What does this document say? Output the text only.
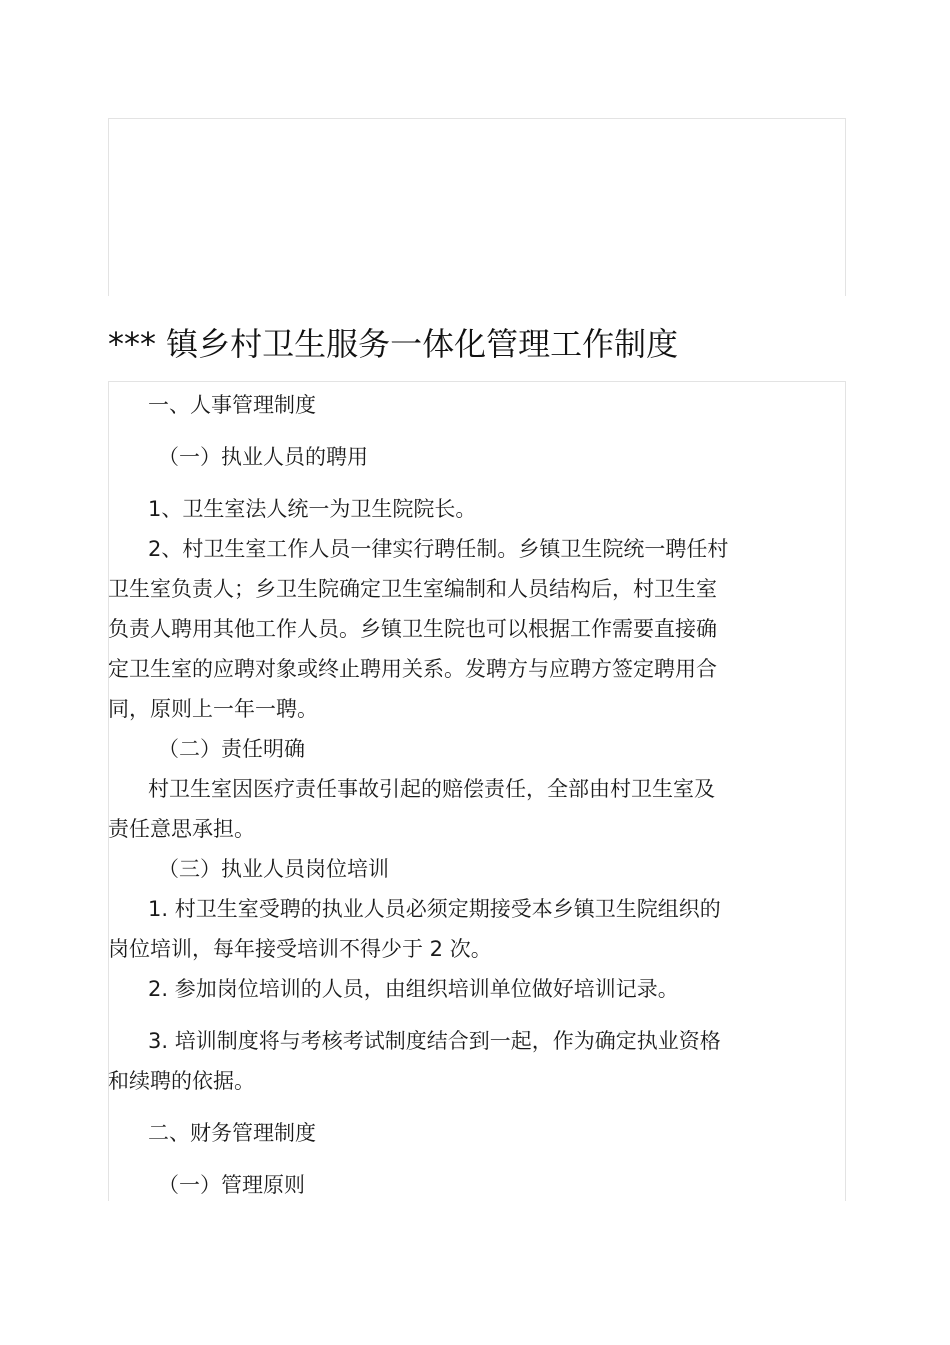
*** 镇乡村卫生服务一体化管理工作制度
一、人事管理制度
（一）执业人员的聘用
1、卫生室法人统一为卫生院院长。
2、村卫生室工作人员一律实行聘任制。乡镇卫生院统一聘任村
卫生室负责人；乡卫生院确定卫生室编制和人员结构后，村卫生室
负责人聘用其他工作人员。乡镇卫生院也可以根据工作需要直接确
定卫生室的应聘对象或终止聘用关系。发聘方与应聘方签定聘用合
同，原则上一年一聘。
（二）责任明确
村卫生室因医疗责任事故引起的赔偿责任，全部由村卫生室及
责任意思承担。
（三）执业人员岗位培训
1. 村卫生室受聘的执业人员必须定期接受本乡镇卫生院组织的
岗位培训，每年接受培训不得少于 2 次。
2. 参加岗位培训的人员，由组织培训单位做好培训记录。
3. 培训制度将与考核考试制度结合到一起，作为确定执业资格
和续聘的依据。
二、财务管理制度
（一）管理原则
